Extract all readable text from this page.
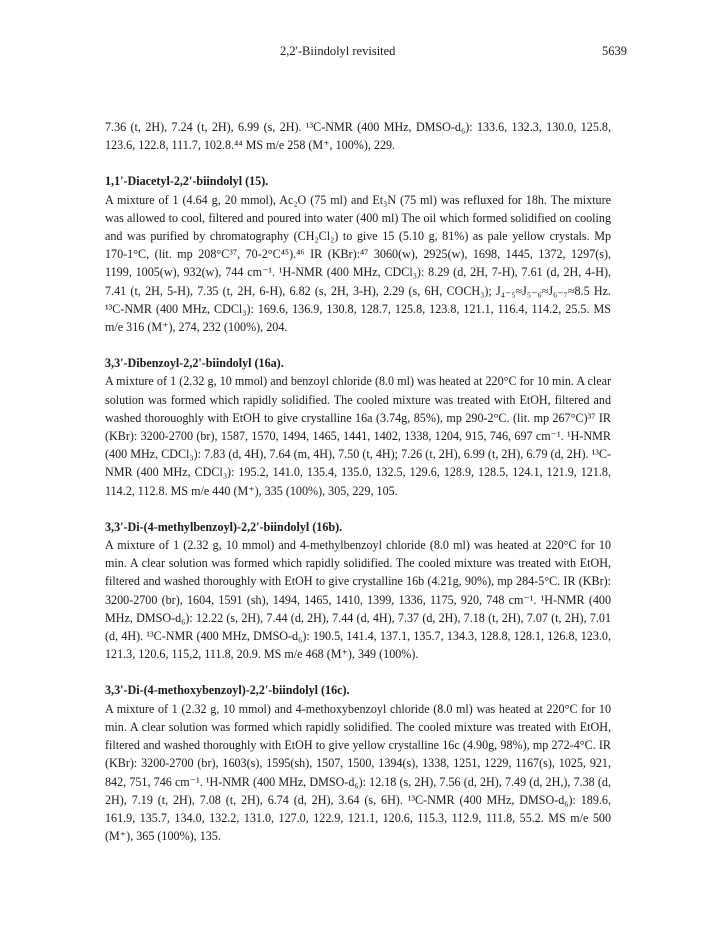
2,2'-Biindolyl revisited	5639

7.36 (t, 2H), 7.24 (t, 2H), 6.99 (s, 2H). ¹³C-NMR (400 MHz, DMSO-d₆): 133.6, 132.3, 130.0, 125.8, 123.6, 122.8, 111.7, 102.8.⁴⁴ MS m/e 258 (M⁺, 100%), 229.

1,1'-Diacetyl-2,2'-biindolyl (15).

A mixture of 1 (4.64 g, 20 mmol), Ac₂O (75 ml) and Et₃N (75 ml) was refluxed for 18h. The mixture was allowed to cool, filtered and poured into water (400 ml) The oil which formed solidified on cooling and was purified by chromatography (CH₂Cl₂) to give 15 (5.10 g, 81%) as pale yellow crystals. Mp 170-1°C, (lit. mp 208°C³⁷, 70-2°C⁴⁵).⁴⁶ IR (KBr):⁴⁷ 3060(w), 2925(w), 1698, 1445, 1372, 1297(s), 1199, 1005(w), 932(w), 744 cm⁻¹. ¹H-NMR (400 MHz, CDCl₃): 8.29 (d, 2H, 7-H), 7.61 (d, 2H, 4-H), 7.41 (t, 2H, 5-H), 7.35 (t, 2H, 6-H), 6.82 (s, 2H, 3-H), 2.29 (s, 6H, COCH₃); J₄₋₅≈J₅₋₆≈J₆₋₇≈8.5 Hz. ¹³C-NMR (400 MHz, CDCl₃): 169.6, 136.9, 130.8, 128.7, 125.8, 123.8, 121.1, 116.4, 114.2, 25.5. MS m/e 316 (M⁺), 274, 232 (100%), 204.

3,3'-Dibenzoyl-2,2'-biindolyl (16a).

A mixture of 1 (2.32 g, 10 mmol) and benzoyl chloride (8.0 ml) was heated at 220°C for 10 min. A clear solution was formed which rapidly solidified. The cooled mixture was treated with EtOH, filtered and washed thorouoghly with EtOH to give crystalline 16a (3.74g, 85%), mp 290-2°C. (lit. mp 267°C)³⁷ IR (KBr): 3200-2700 (br), 1587, 1570, 1494, 1465, 1441, 1402, 1338, 1204, 915, 746, 697 cm⁻¹. ¹H-NMR (400 MHz, CDCl₃): 7.83 (d, 4H), 7.64 (m, 4H), 7.50 (t, 4H); 7.26 (t, 2H), 6.99 (t, 2H), 6.79 (d, 2H). ¹³C-NMR (400 MHz, CDCl₃): 195.2, 141.0, 135.4, 135.0, 132.5, 129.6, 128.9, 128.5, 124.1, 121.9, 121.8, 114.2, 112.8. MS m/e 440 (M⁺), 335 (100%), 305, 229, 105.

3,3'-Di-(4-methylbenzoyl)-2,2'-biindolyl (16b).

A mixture of 1 (2.32 g, 10 mmol) and 4-methylbenzoyl chloride (8.0 ml) was heated at 220°C for 10 min. A clear solution was formed which rapidly solidified. The cooled mixture was treated with EtOH, filtered and washed thoroughly with EtOH to give crystalline 16b (4.21g, 90%), mp 284-5°C. IR (KBr): 3200-2700 (br), 1604, 1591 (sh), 1494, 1465, 1410, 1399, 1336, 1175, 920, 748 cm⁻¹. ¹H-NMR (400 MHz, DMSO-d₆): 12.22 (s, 2H), 7.44 (d, 2H), 7.44 (d, 4H), 7.37 (d, 2H), 7.18 (t, 2H), 7.07 (t, 2H), 7.01 (d, 4H). ¹³C-NMR (400 MHz, DMSO-d₆): 190.5, 141.4, 137.1, 135.7, 134.3, 128.8, 128.1, 126.8, 123.0, 121.3, 120.6, 115,2, 111.8, 20.9. MS m/e 468 (M⁺), 349 (100%).

3,3'-Di-(4-methoxybenzoyl)-2,2'-biindolyl (16c).

A mixture of 1 (2.32 g, 10 mmol) and 4-methoxybenzoyl chloride (8.0 ml) was heated at 220°C for 10 min. A clear solution was formed which rapidly solidified. The cooled mixture was treated with EtOH, filtered and washed thoroughly with EtOH to give yellow crystalline 16c (4.90g, 98%), mp 272-4°C. IR (KBr): 3200-2700 (br), 1603(s), 1595(sh), 1507, 1500, 1394(s), 1338, 1251, 1229, 1167(s), 1025, 921, 842, 751, 746 cm⁻¹. ¹H-NMR (400 MHz, DMSO-d₆): 12.18 (s, 2H), 7.56 (d, 2H), 7.49 (d, 2H,), 7.38 (d, 2H), 7.19 (t, 2H), 7.08 (t, 2H), 6.74 (d, 2H), 3.64 (s, 6H). ¹³C-NMR (400 MHz, DMSO-d₆): 189.6, 161.9, 135.7, 134.0, 132.2, 131.0, 127.0, 122.9, 121.1, 120.6, 115.3, 112.9, 111.8, 55.2. MS m/e 500 (M⁺), 365 (100%), 135.
